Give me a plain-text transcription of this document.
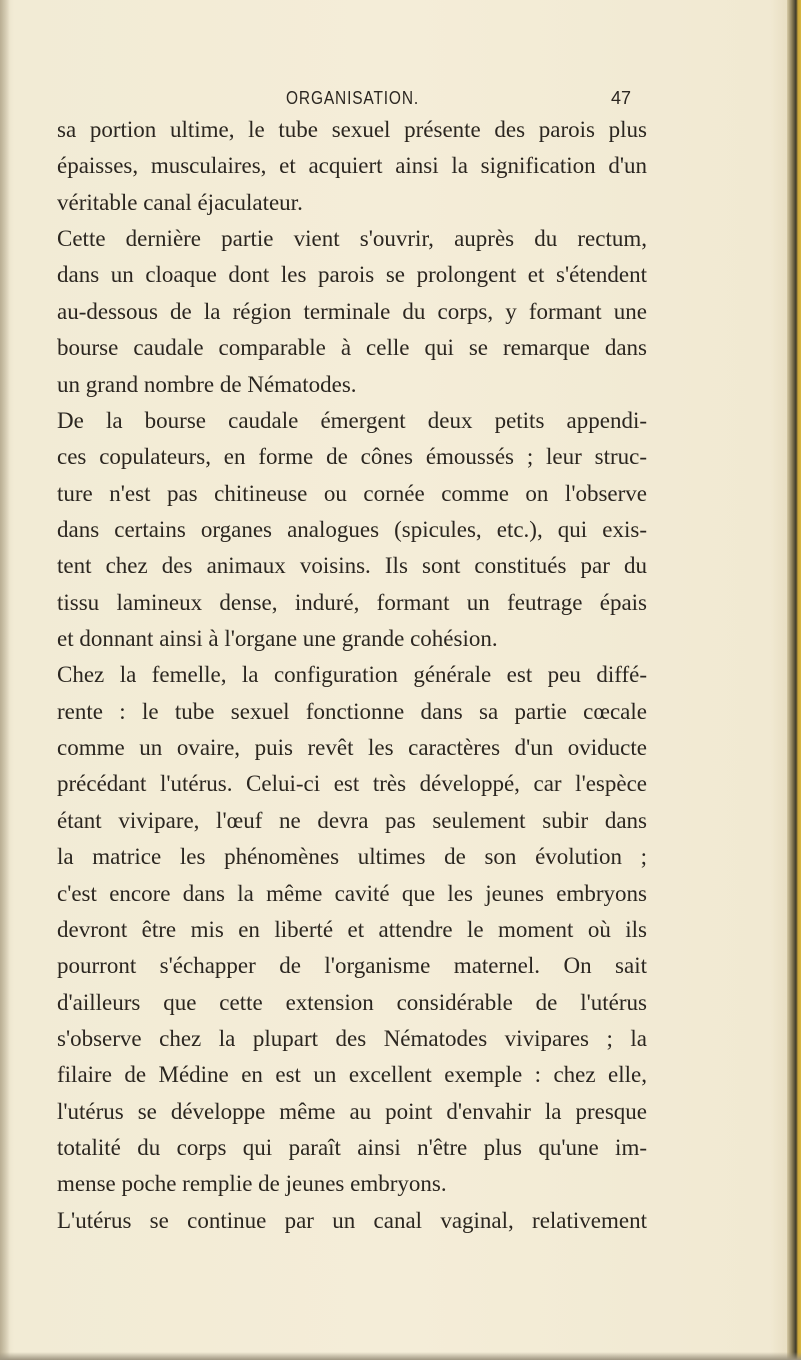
ORGANISATION.	47
sa portion ultime, le tube sexuel présente des parois plus
épaisses, musculaires, et acquiert ainsi la signification d'un
véritable canal éjaculateur.
Cette dernière partie vient s'ouvrir, auprès du rectum,
dans un cloaque dont les parois se prolongent et s'étendent
au-dessous de la région terminale du corps, y formant une
bourse caudale comparable à celle qui se remarque dans
un grand nombre de Nématodes.
De la bourse caudale émergent deux petits appendi-
ces copulateurs, en forme de cônes émoussés ; leur struc-
ture n'est pas chitineuse ou cornée comme on l'observe
dans certains organes analogues (spicules, etc.), qui exis-
tent chez des animaux voisins. Ils sont constitués par du
tissu lamineux dense, induré, formant un feutrage épais
et donnant ainsi à l'organe une grande cohésion.
Chez la femelle, la configuration générale est peu diffé-
rente : le tube sexuel fonctionne dans sa partie cœcale
comme un ovaire, puis revêt les caractères d'un oviducte
précédant l'utérus. Celui-ci est très développé, car l'espèce
étant vivipare, l'œuf ne devra pas seulement subir dans
la matrice les phénomènes ultimes de son évolution ;
c'est encore dans la même cavité que les jeunes embryons
devront être mis en liberté et attendre le moment où ils
pourront s'échapper de l'organisme maternel. On sait
d'ailleurs que cette extension considérable de l'utérus
s'observe chez la plupart des Nématodes vivipares ; la
filaire de Médine en est un excellent exemple : chez elle,
l'utérus se développe même au point d'envahir la presque
totalité du corps qui paraît ainsi n'être plus qu'une im-
mense poche remplie de jeunes embryons.
L'utérus se continue par un canal vaginal, relativement
